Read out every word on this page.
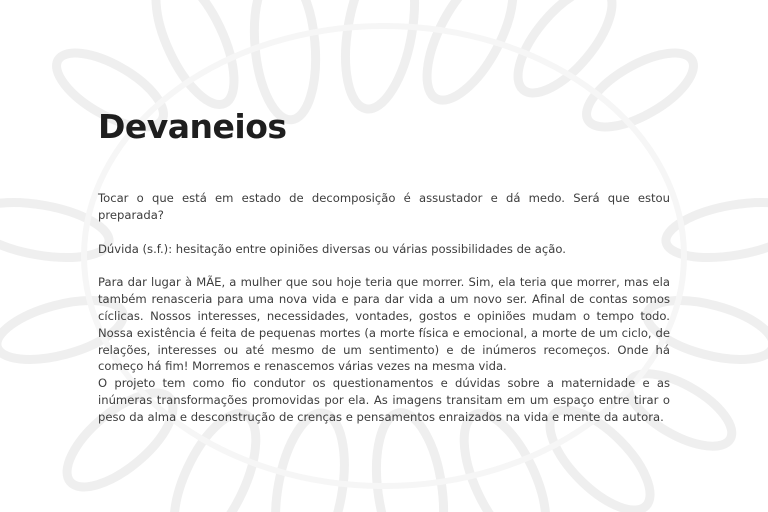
Devaneios

Tocar o que está em estado de decomposição é assustador e dá medo. Será que estou preparada?

Dúvida (s.f.): hesitação entre opiniões diversas ou várias possibilidades de ação.

Para dar lugar à MÃE, a mulher que sou hoje teria que morrer. Sim, ela teria que morrer, mas ela também renasceria para uma nova vida e para dar vida a um novo ser. Afinal de contas somos cíclicas. Nossos interesses, necessidades, vontades, gostos e opiniões mudam o tempo todo. Nossa existência é feita de pequenas mortes (a morte física e emocional, a morte de um ciclo, de relações, interesses ou até mesmo de um sentimento) e de inúmeros recomeços. Onde há começo há fim! Morremos e renascemos várias vezes na mesma vida.

O projeto tem como fio condutor os questionamentos e dúvidas sobre a maternidade e as inúmeras transformações promovidas por ela. As imagens transitam em um espaço entre tirar o peso da alma e desconstrução de crenças e pensamentos enraizados na vida e mente da autora.
